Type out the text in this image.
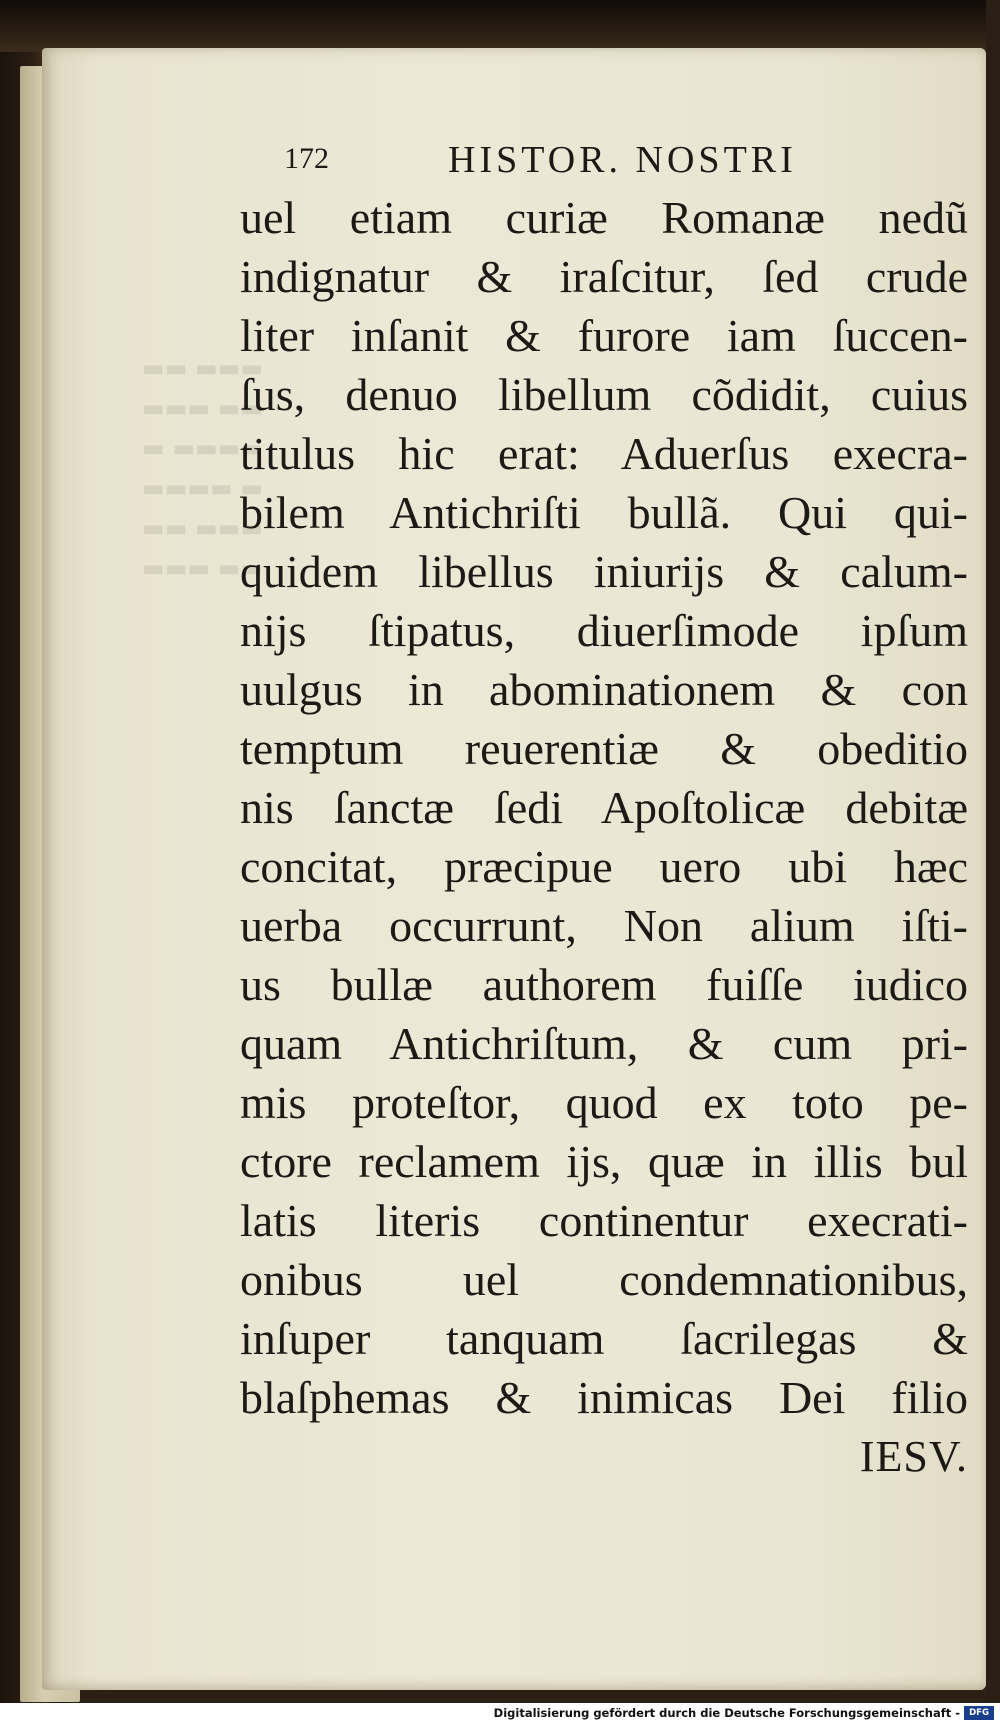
▬▬▬ ▬▬
▬▬ ▬▬▬
▬▬▬▬ ▬
▬ ▬▬▬▬
▬▬▬ ▬▬
▬▬ ▬▬▬
172	HISTOR. NOSTRI
uel etiam curiæ Romanæ nedũ
indignatur & iraſcitur, ſed crude
liter inſanit & furore iam ſuccen-
ſus, denuo libellum cõdidit, cuius
titulus hic erat: Aduerſus execra-
bilem Antichriſti bullã. Qui qui-
quidem libellus iniurijs & calum-
nijs ſtipatus, diuerſimode ipſum
uulgus in abominationem & con
temptum reuerentiæ & obeditio
nis ſanctæ ſedi Apoſtolicæ debitæ
concitat, præcipue uero ubi hæc
uerba occurrunt, Non alium iſti-
us bullæ authorem fuiſſe iudico
quam Antichriſtum, & cum pri-
mis proteſtor, quod ex toto pe-
ctore reclamem ijs, quæ in illis bul
latis literis continentur execrati-
onibus uel condemnationibus,
inſuper tanquam ſacrilegas &
blaſphemas & inimicas Dei filio
IESV.
Digitalisierung gefördert durch die Deutsche Forschungsgemeinschaft -	DFG
